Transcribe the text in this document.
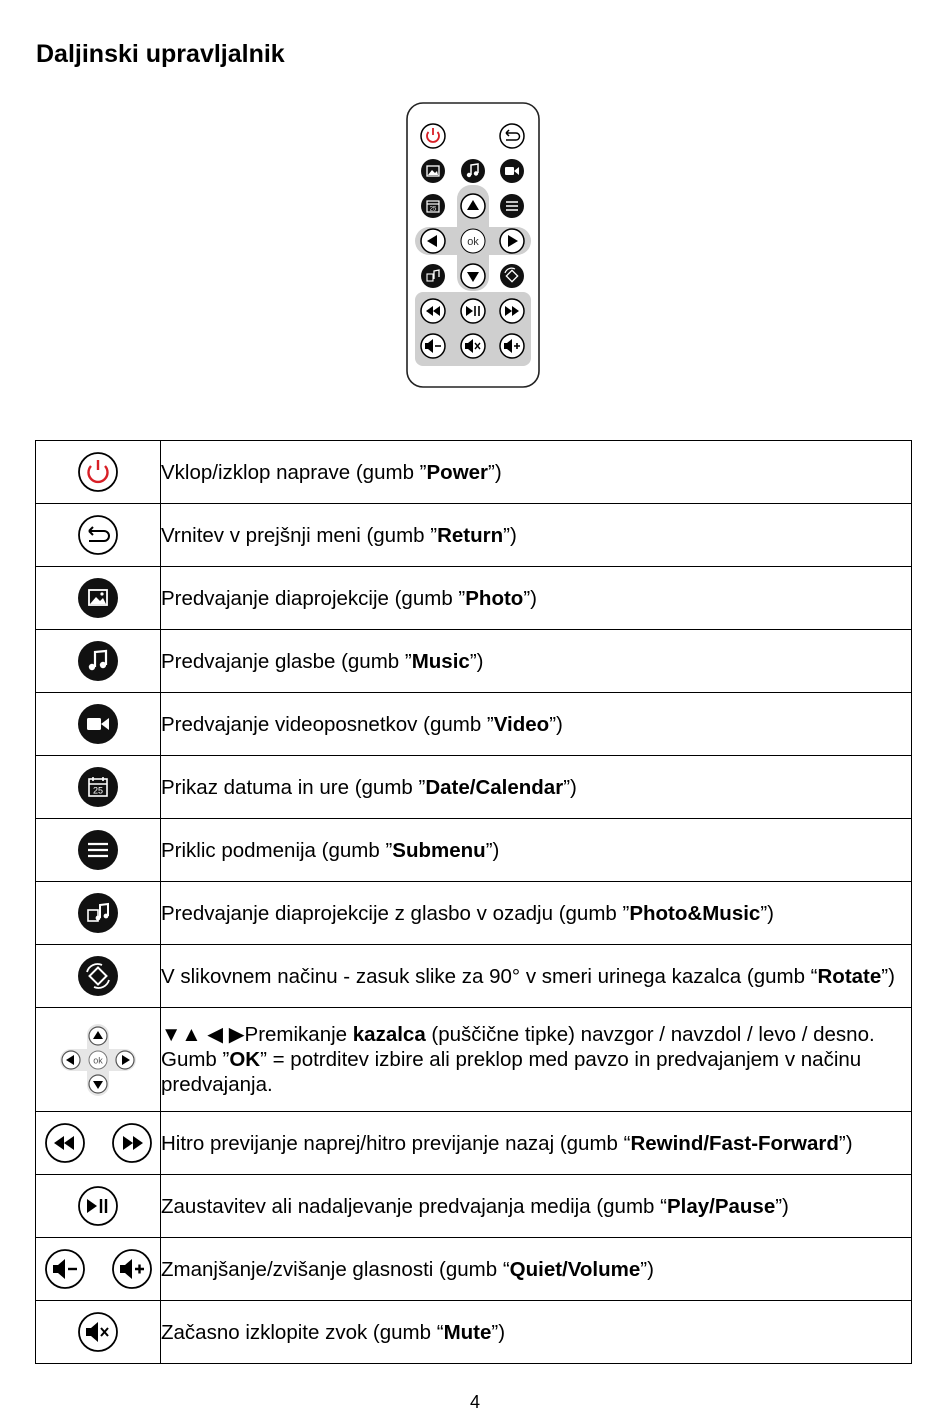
Daljinski upravljalnik
25
ok
	Vklop/izklop naprave (gumb ”Power”)

	Vrnitev v prejšnji meni (gumb ”Return”)

	Predvajanje diaprojekcije (gumb ”Photo”)

	Predvajanje glasbe (gumb ”Music”)

	Predvajanje videoposnetkov (gumb ”Video”)

25	Prikaz datuma in ure (gumb ”Date/Calendar”)

	Priklic podmenija (gumb ”Submenu”)

	Predvajanje diaprojekcije z glasbo v ozadju (gumb ”Photo&Music”)

	V slikovnem načinu - zasuk slike za 90° v smeri urinega kazalca (gumb “Rotate”)

ok	▼▲ ◀ ▶Premikanje kazalca (puščične tipke) navzgor / navzdol / levo / desno. Gumb ”OK” = potrditev izbire ali preklop med pavzo in predvajanjem v načinu predvajanja.

	Hitro previjanje naprej/hitro previjanje nazaj (gumb “Rewind/Fast-Forward”)

	Zaustavitev ali nadaljevanje predvajanja medija (gumb “Play/Pause”)

	Zmanjšanje/zvišanje glasnosti (gumb “Quiet/Volume”)

	Začasno izklopite zvok (gumb “Mute”)
4
